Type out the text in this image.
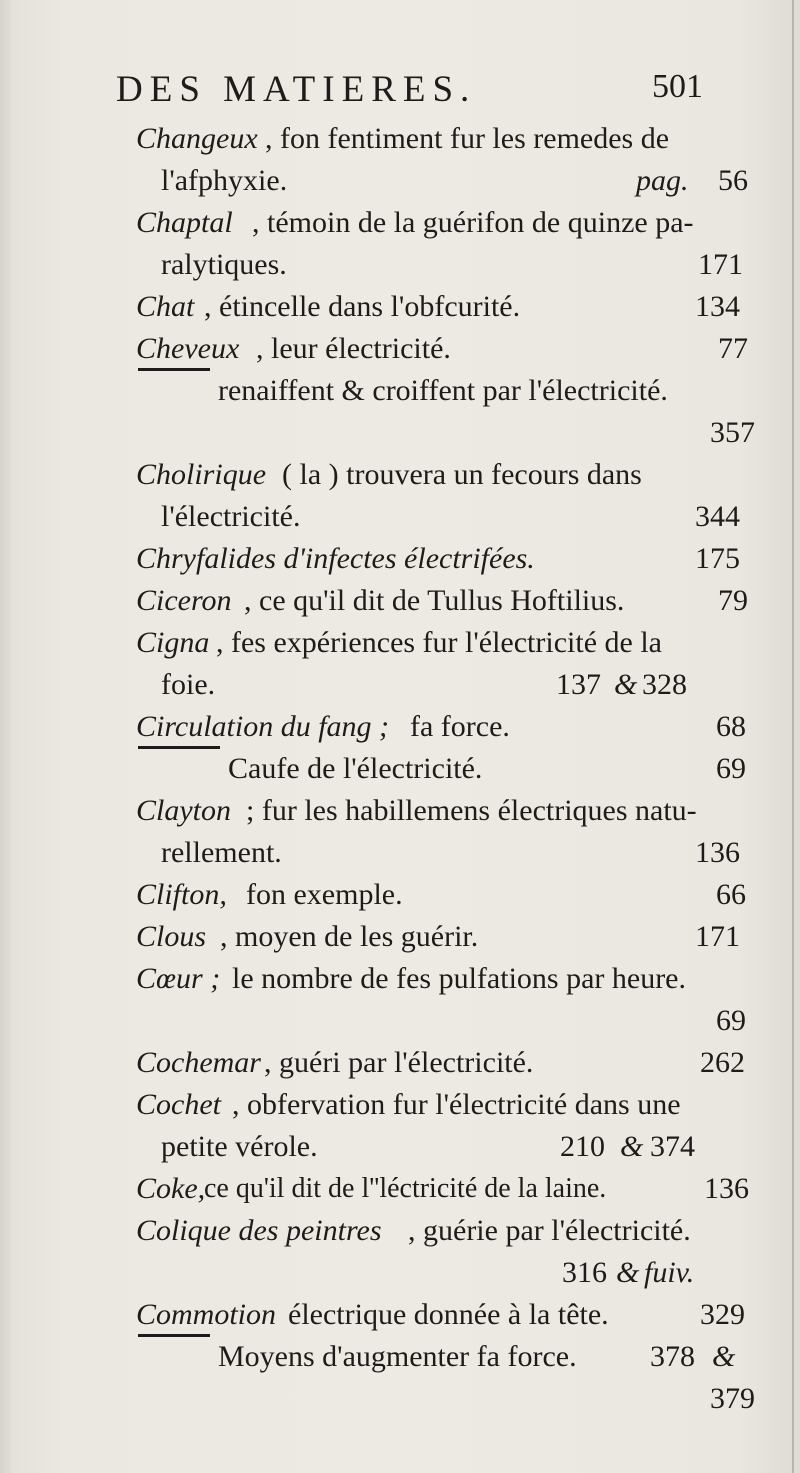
DES MATIERES.	501
Changeux , fon fentiment fur les remedes de
l'afphyxie.	pag. 56
Chaptal , témoin de la guérifon de quinze pa-
ralytiques.	171
Chat , étincelle dans l'obfcurité.	134
Cheveux , leur électricité.	77
renaiffent & croiffent par l'électricité.
357
Cholirique ( la ) trouvera un fecours dans
l'électricité.	344
Chryfalides d'infectes électrifées.	175
Ciceron , ce qu'il dit de Tullus Hoftilius.	79
Cigna , fes expériences fur l'électricité de la
foie.	137 & 328
Circulation du fang ; fa force.	68
Caufe de l'électricité.	69
Clayton ; fur les habillemens électriques natu-
rellement.	136
Clifton, fon exemple.	66
Clous , moyen de les guérir.	171
Cœur ; le nombre de fes pulfations par heure.
69
Cochemar , guéri par l'électricité.	262
Cochet , obfervation fur l'électricité dans une
petite vérole.	210 & 374
Coke,
ce qu'il dit de l''léctricité de la laine.	136
Colique des peintres , guérie par l'électricité.
316 & fuiv.
Commotion électrique donnée à la tête.	329
Moyens d'augmenter fa force. 378 &
379
